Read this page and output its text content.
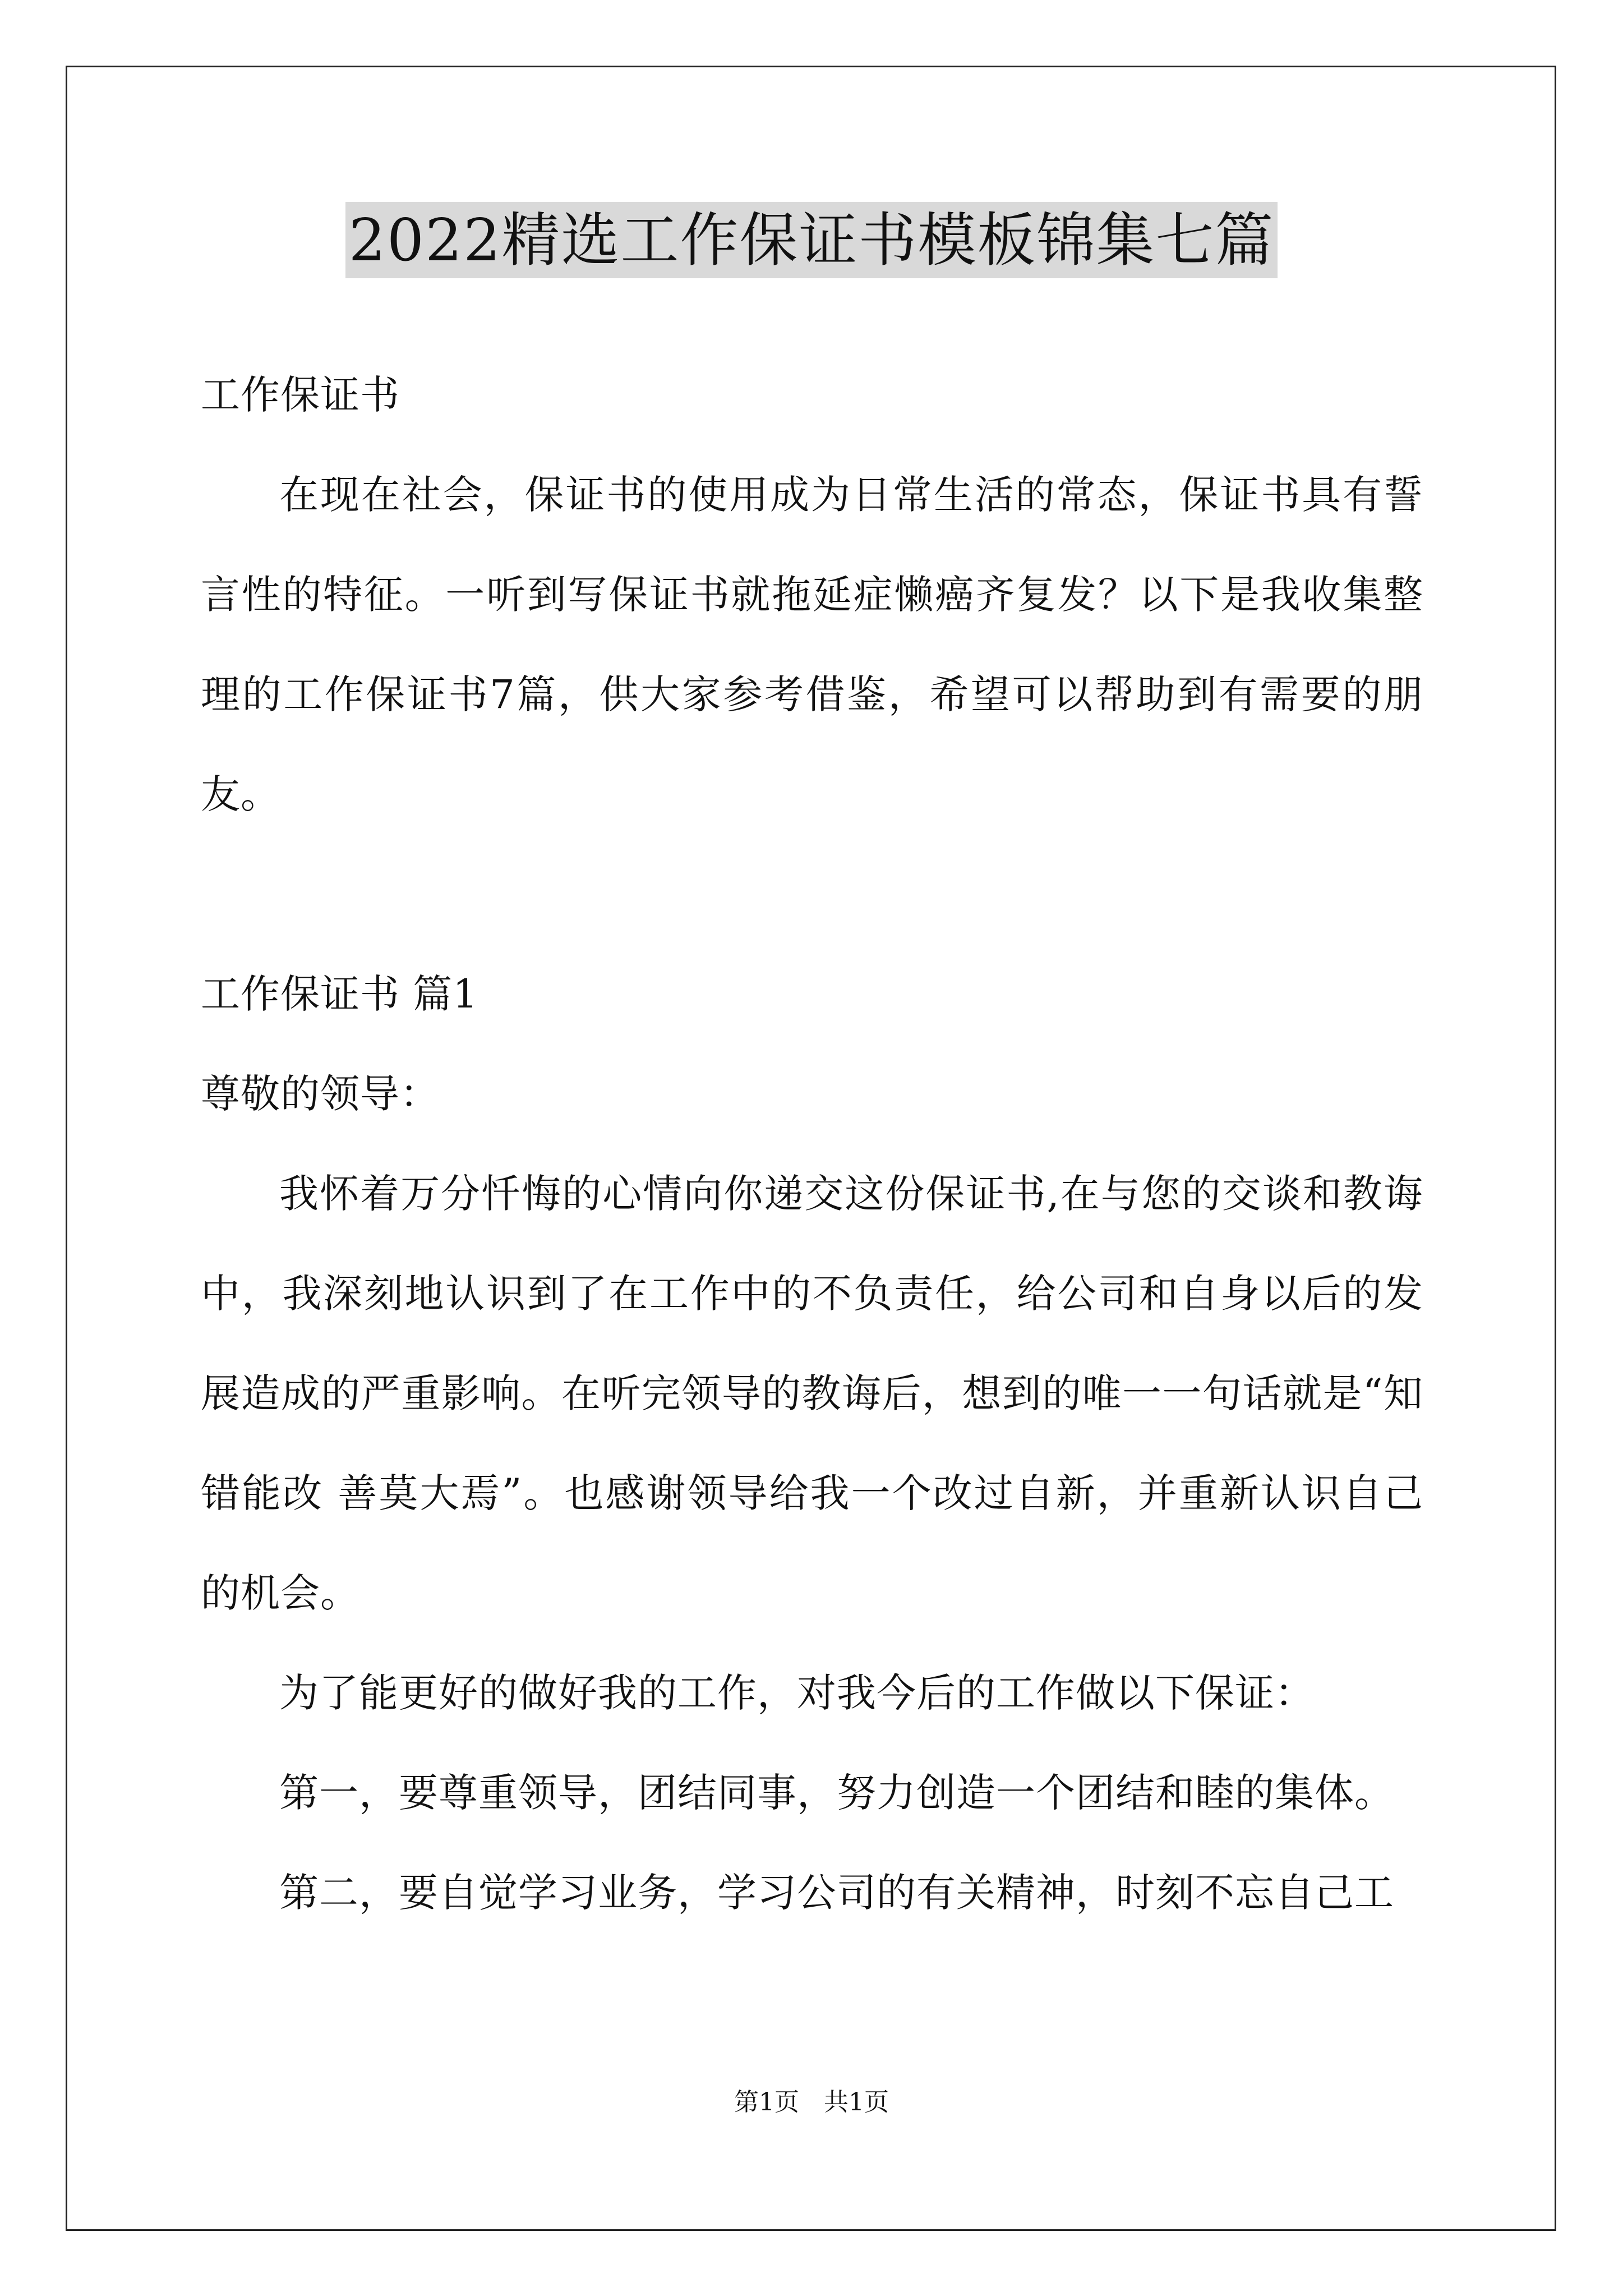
2022精选工作保证书模板锦集七篇

工作保证书

在现在社会，保证书的使用成为日常生活的常态，保证书具有誓言性的特征。一听到写保证书就拖延症懒癌齐复发？以下是我收集整理的工作保证书7篇，供大家参考借鉴，希望可以帮助到有需要的朋友。

工作保证书 篇1

尊敬的领导：

我怀着万分忏悔的心情向你递交这份保证书,在与您的交谈和教诲中，我深刻地认识到了在工作中的不负责任，给公司和自身以后的发展造成的严重影响。在听完领导的教诲后，想到的唯一一句话就是“知错能改 善莫大焉”。也感谢领导给我一个改过自新，并重新认识自己的机会。

为了能更好的做好我的工作，对我今后的工作做以下保证：

第一，要尊重领导，团结同事，努力创造一个团结和睦的集体。

第二，要自觉学习业务，学习公司的有关精神，时刻不忘自己工

第1页 共1页
